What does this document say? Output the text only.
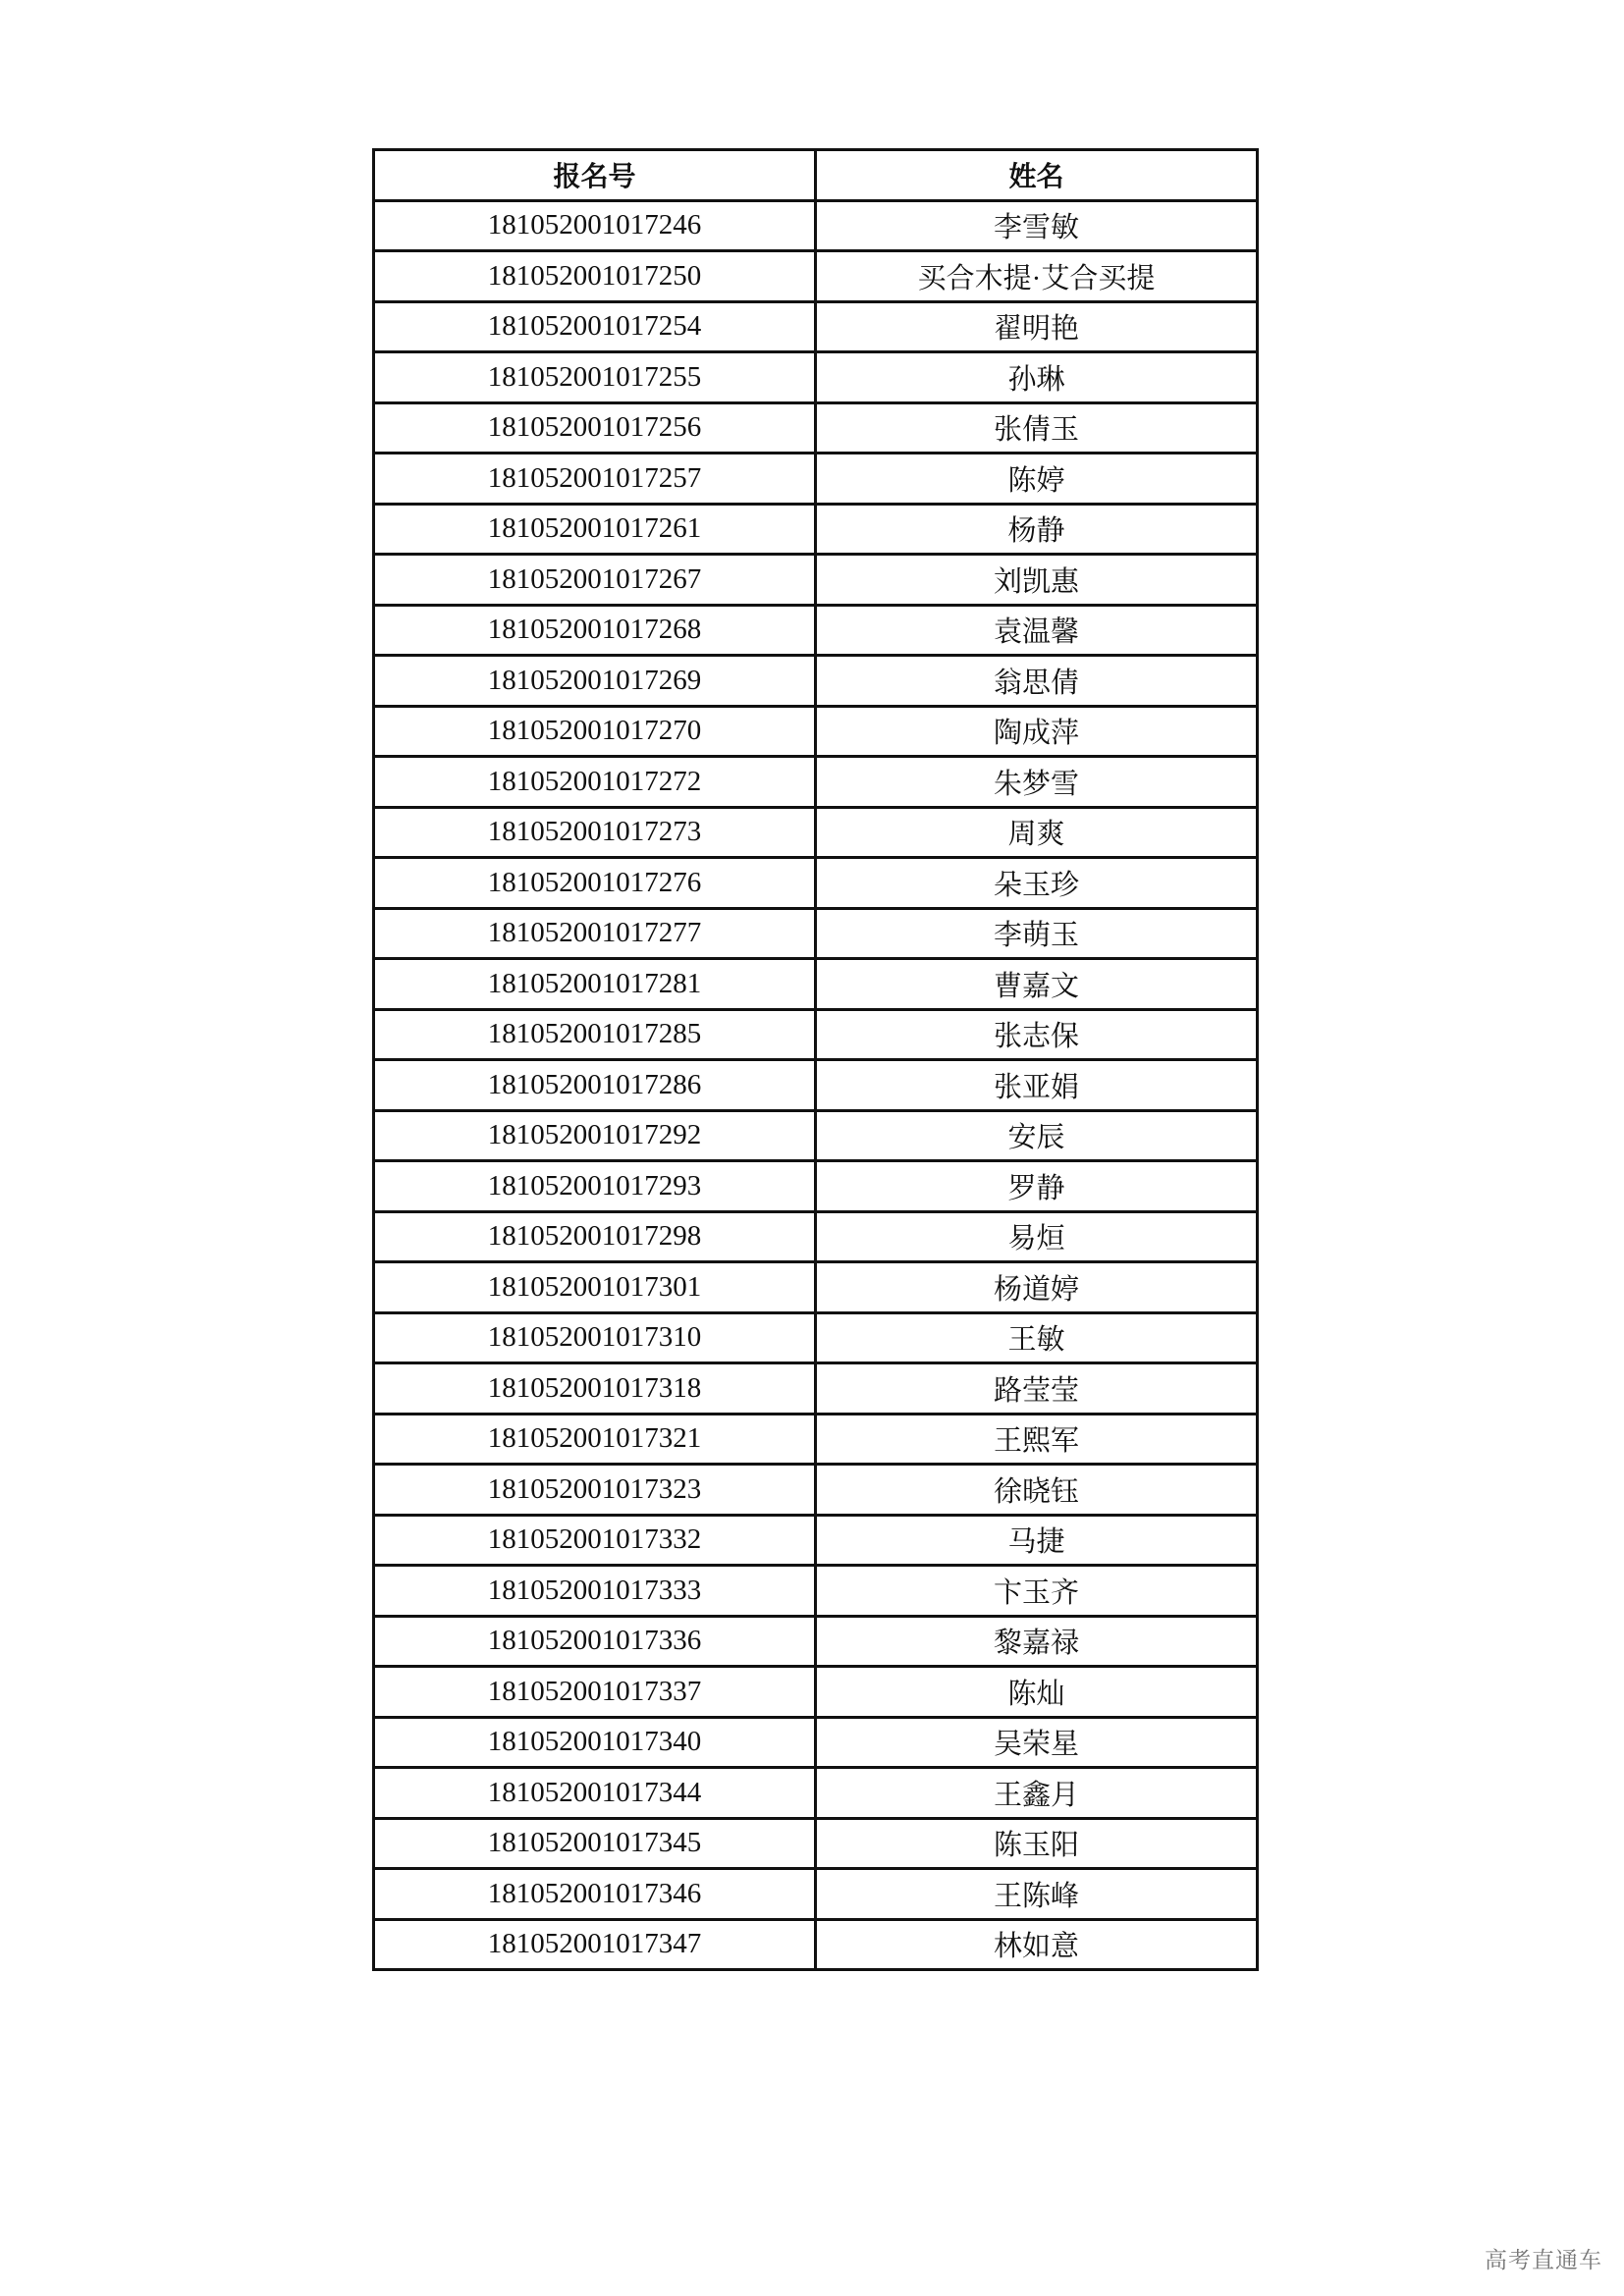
报名号	姓名
181052001017246	李雪敏
181052001017250	买合木提·艾合买提
181052001017254	翟明艳
181052001017255	孙琳
181052001017256	张倩玉
181052001017257	陈婷
181052001017261	杨静
181052001017267	刘凯惠
181052001017268	袁温馨
181052001017269	翁思倩
181052001017270	陶成萍
181052001017272	朱梦雪
181052001017273	周爽
181052001017276	朵玉珍
181052001017277	李萌玉
181052001017281	曹嘉文
181052001017285	张志保
181052001017286	张亚娟
181052001017292	安辰
181052001017293	罗静
181052001017298	易烜
181052001017301	杨道婷
181052001017310	王敏
181052001017318	路莹莹
181052001017321	王熙军
181052001017323	徐晓钰
181052001017332	马捷
181052001017333	卞玉齐
181052001017336	黎嘉禄
181052001017337	陈灿
181052001017340	吴荣星
181052001017344	王鑫月
181052001017345	陈玉阳
181052001017346	王陈峰
181052001017347	林如意
高考直通车
